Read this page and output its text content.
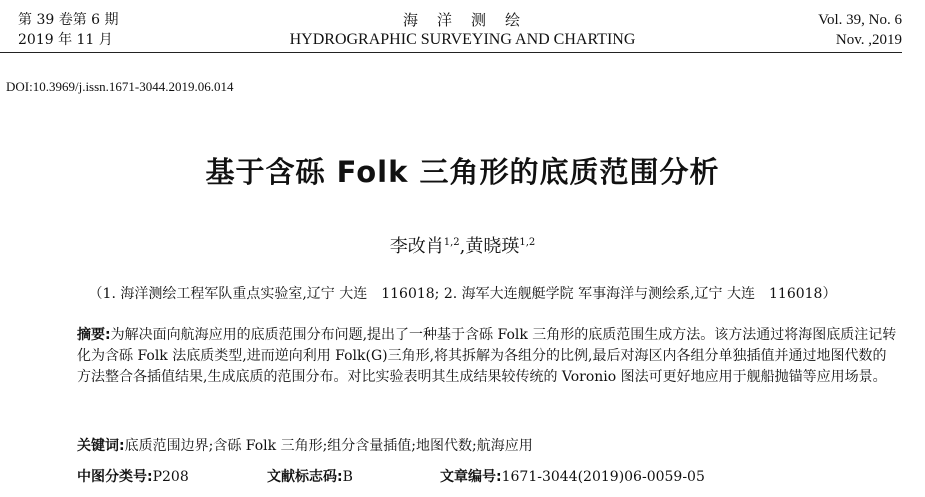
第 39 卷第 6 期
2019 年 11 月
海　洋　测　绘
HYDROGRAPHIC SURVEYING AND CHARTING
Vol. 39, No. 6
Nov. ,2019
DOI:10.3969/j.issn.1671-3044.2019.06.014
基于含砾 Folk 三角形的底质范围分析
李改肖$^{1,2}$,黄晓瑛$^{1,2}$
（1. 海洋测绘工程军队重点实验室,辽宁 大连　116018; 2. 海军大连舰艇学院 军事海洋与测绘系,辽宁 大连　116018）
摘要:为解决面向航海应用的底质范围分布问题,提出了一种基于含砾 Folk 三角形的底质范围生成方法。该方法通过将海图底质注记转化为含砾 Folk 法底质类型,进而逆向利用 Folk(G)三角形,将其拆解为各组分的比例,最后对海区内各组分单独插值并通过地图代数的方法整合各插值结果,生成底质的范围分布。对比实验表明其生成结果较传统的 Voronio 图法可更好地应用于舰船抛锚等应用场景。
关键词:底质范围边界;含砾 Folk 三角形;组分含量插值;地图代数;航海应用
中图分类号:P208	文献标志码:B	文章编号:1671-3044(2019)06-0059-05
